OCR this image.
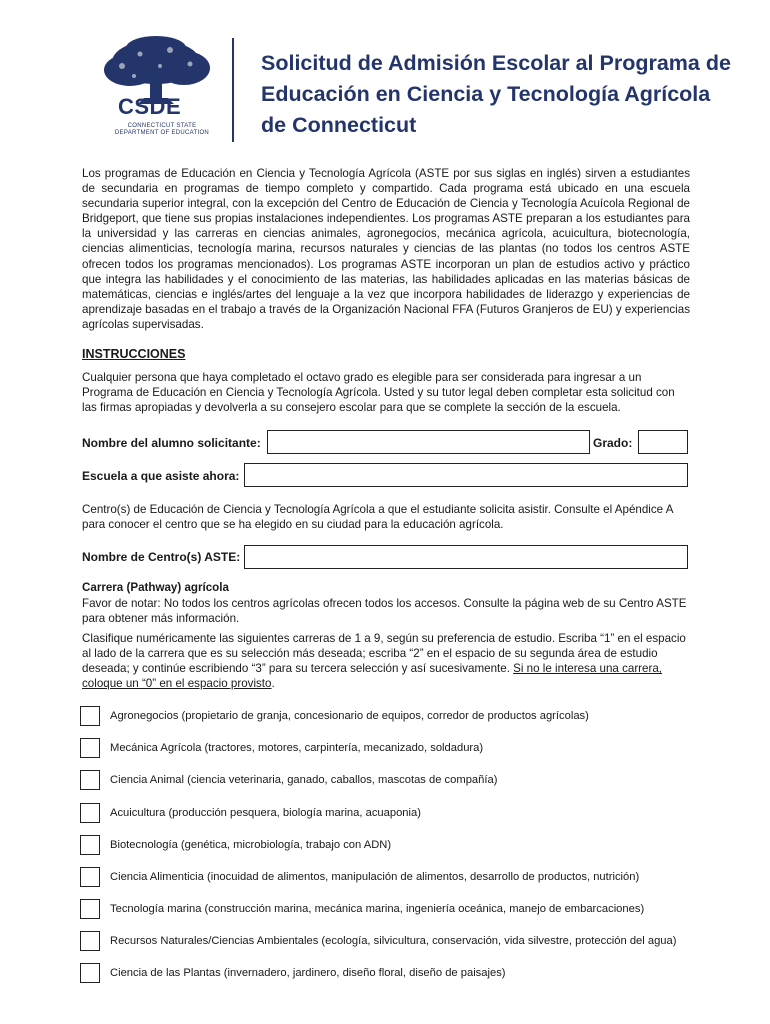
CSDE
CONNECTICUT STATE DEPARTMENT OF EDUCATION
Solicitud de Admisión Escolar al Programa de Educación en Ciencia y Tecnología Agrícola de Connecticut
Los programas de Educación en Ciencia y Tecnología Agrícola (ASTE por sus siglas en inglés) sirven a estudiantes de secundaria en programas de tiempo completo y compartido. Cada programa está ubicado en una escuela secundaria superior integral, con la excepción del Centro de Educación de Ciencia y Tecnología Acuícola Regional de Bridgeport, que tiene sus propias instalaciones independientes. Los programas ASTE preparan a los estudiantes para la universidad y las carreras en ciencias animales, agronegocios, mecánica agrícola, acuicultura, biotecnología, ciencias alimenticias, tecnología marina, recursos naturales y ciencias de las plantas (no todos los centros ASTE ofrecen todos los programas mencionados). Los programas ASTE incorporan un plan de estudios activo y práctico que integra las habilidades y el conocimiento de las materias, las habilidades aplicadas en las materias básicas de matemáticas, ciencias e inglés/artes del lenguaje a la vez que incorpora habilidades de liderazgo y experiencias de aprendizaje basadas en el trabajo a través de la Organización Nacional FFA (Futuros Granjeros de EU) y experiencias agrícolas supervisadas.
INSTRUCCIONES
Cualquier persona que haya completado el octavo grado es elegible para ser considerada para ingresar a un Programa de Educación en Ciencia y Tecnología Agrícola. Usted y su tutor legal deben completar esta solicitud con las firmas apropiadas y devolverla a su consejero escolar para que se complete la sección de la escuela.
Nombre del alumno solicitante:	Grado:
Escuela a que asiste ahora:
Centro(s) de Educación de Ciencia y Tecnología Agrícola a que el estudiante solicita asistir. Consulte el Apéndice A para conocer el centro que se ha elegido en su ciudad para la educación agrícola.
Nombre de Centro(s) ASTE:
Carrera (Pathway) agrícola
Favor de notar: No todos los centros agrícolas ofrecen todos los accesos. Consulte la página web de su Centro ASTE para obtener más información.
Clasifique numéricamente las siguientes carreras de 1 a 9, según su preferencia de estudio. Escriba “1” en el espacio al lado de la carrera que es su selección más deseada; escriba “2” en el espacio de su segunda área de estudio deseada; y continúe escribiendo “3” para su tercera selección y así sucesivamente. Si no le interesa una carrera, coloque un “0” en el espacio provisto.
Agronegocios (propietario de granja, concesionario de equipos, corredor de productos agrícolas)
Mecánica Agrícola (tractores, motores, carpintería, mecanizado, soldadura)
Ciencia Animal (ciencia veterinaria, ganado, caballos, mascotas de compañía)
Acuicultura (producción pesquera, biología marina, acuaponia)
Biotecnología (genética, microbiología, trabajo con ADN)
Ciencia Alimenticia (inocuidad de alimentos, manipulación de alimentos, desarrollo de productos, nutrición)
Tecnología marina (construcción marina, mecánica marina, ingeniería oceánica, manejo de embarcaciones)
Recursos Naturales/Ciencias Ambientales (ecología, silvicultura, conservación, vida silvestre, protección del agua)
Ciencia de las Plantas (invernadero, jardinero, diseño floral, diseño de paisajes)
